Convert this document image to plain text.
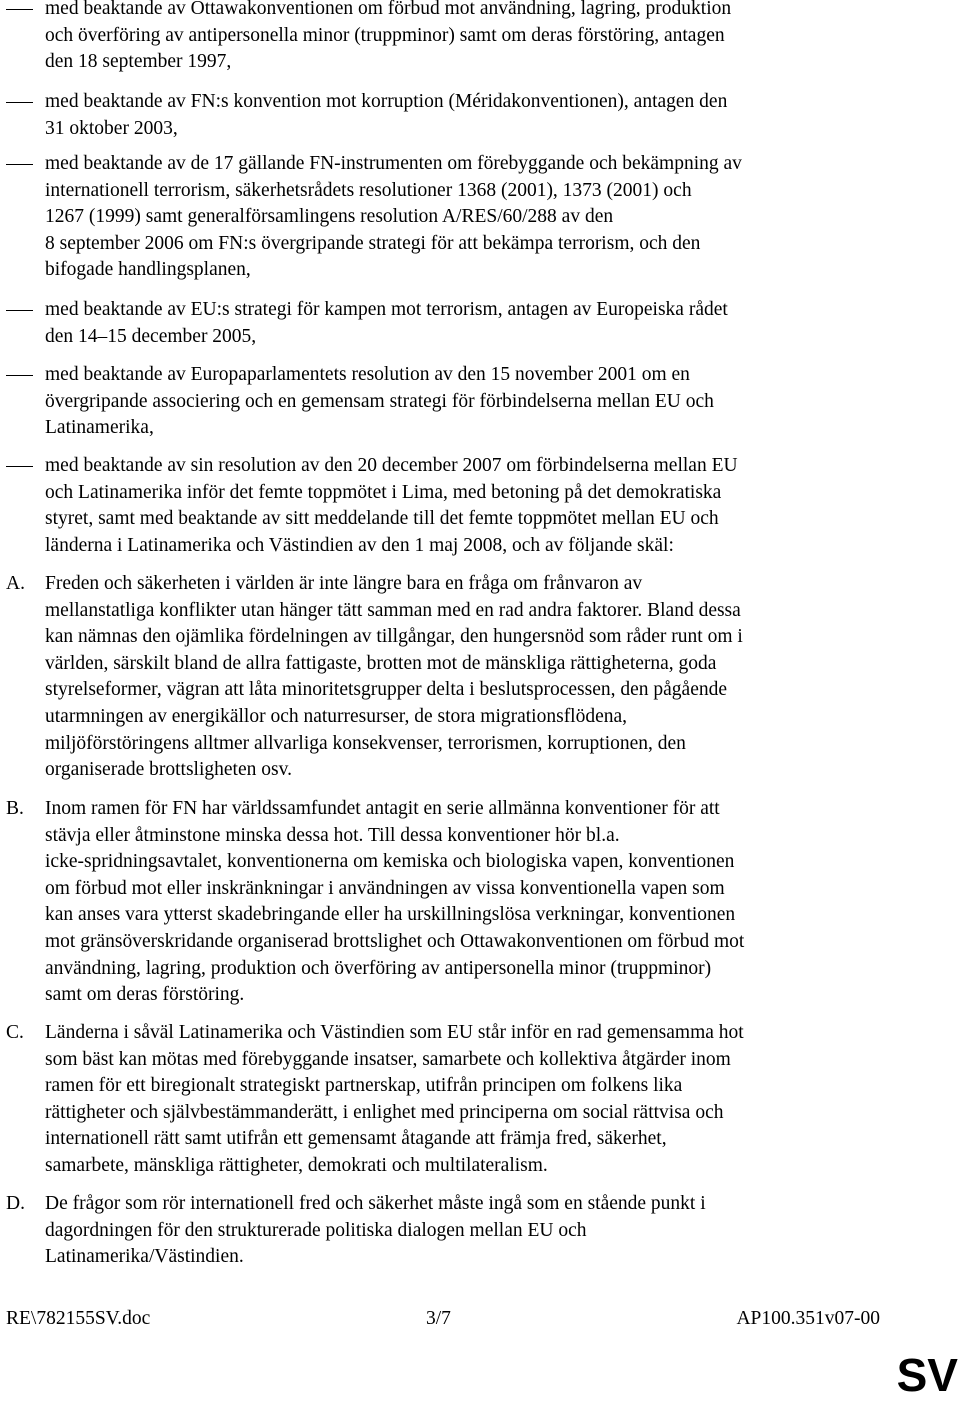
med beaktande av Ottawakonventionen om förbud mot användning, lagring, produktion
och överföring av antipersonella minor (truppminor) samt om deras förstöring, antagen
den 18 september 1997,
med beaktande av FN:s konvention mot korruption (Méridakonventionen), antagen den
31 oktober 2003,
med beaktande av de 17 gällande FN-instrumenten om förebyggande och bekämpning av
internationell terrorism, säkerhetsrådets resolutioner 1368 (2001), 1373 (2001) och
1267 (1999) samt generalförsamlingens resolution A/RES/60/288 av den
8 september 2006 om FN:s övergripande strategi för att bekämpa terrorism, och den
bifogade handlingsplanen,
med beaktande av EU:s strategi för kampen mot terrorism, antagen av Europeiska rådet
den 14–15 december 2005,
med beaktande av Europaparlamentets resolution av den 15 november 2001 om en
övergripande associering och en gemensam strategi för förbindelserna mellan EU och
Latinamerika,
med beaktande av sin resolution av den 20 december 2007 om förbindelserna mellan EU
och Latinamerika inför det femte toppmötet i Lima, med betoning på det demokratiska
styret, samt med beaktande av sitt meddelande till det femte toppmötet mellan EU och
länderna i Latinamerika och Västindien av den 1 maj 2008, och av följande skäl:
A. Freden och säkerheten i världen är inte längre bara en fråga om frånvaron av
mellanstatliga konflikter utan hänger tätt samman med en rad andra faktorer. Bland dessa
kan nämnas den ojämlika fördelningen av tillgångar, den hungersnöd som råder runt om i
världen, särskilt bland de allra fattigaste, brotten mot de mänskliga rättigheterna, goda
styrelseformer, vägran att låta minoritetsgrupper delta i beslutsprocessen, den pågående
utarmningen av energikällor och naturresurser, de stora migrationsflödena,
miljöförstöringens alltmer allvarliga konsekvenser, terrorismen, korruptionen, den
organiserade brottsligheten osv.
B. Inom ramen för FN har världssamfundet antagit en serie allmänna konventioner för att
stävja eller åtminstone minska dessa hot. Till dessa konventioner hör bl.a.
icke-spridningsavtalet, konventionerna om kemiska och biologiska vapen, konventionen
om förbud mot eller inskränkningar i användningen av vissa konventionella vapen som
kan anses vara ytterst skadebringande eller ha urskillningslösa verkningar, konventionen
mot gränsöverskridande organiserad brottslighet och Ottawakonventionen om förbud mot
användning, lagring, produktion och överföring av antipersonella minor (truppminor)
samt om deras förstöring.
C. Länderna i såväl Latinamerika och Västindien som EU står inför en rad gemensamma hot
som bäst kan mötas med förebyggande insatser, samarbete och kollektiva åtgärder inom
ramen för ett biregionalt strategiskt partnerskap, utifrån principen om folkens lika
rättigheter och självbestämmanderätt, i enlighet med principerna om social rättvisa och
internationell rätt samt utifrån ett gemensamt åtagande att främja fred, säkerhet,
samarbete, mänskliga rättigheter, demokrati och multilateralism.
D. De frågor som rör internationell fred och säkerhet måste ingå som en stående punkt i
dagordningen för den strukturerade politiska dialogen mellan EU och
Latinamerika/Västindien.
RE\782155SV.doc	3/7	AP100.351v07-00
SV
